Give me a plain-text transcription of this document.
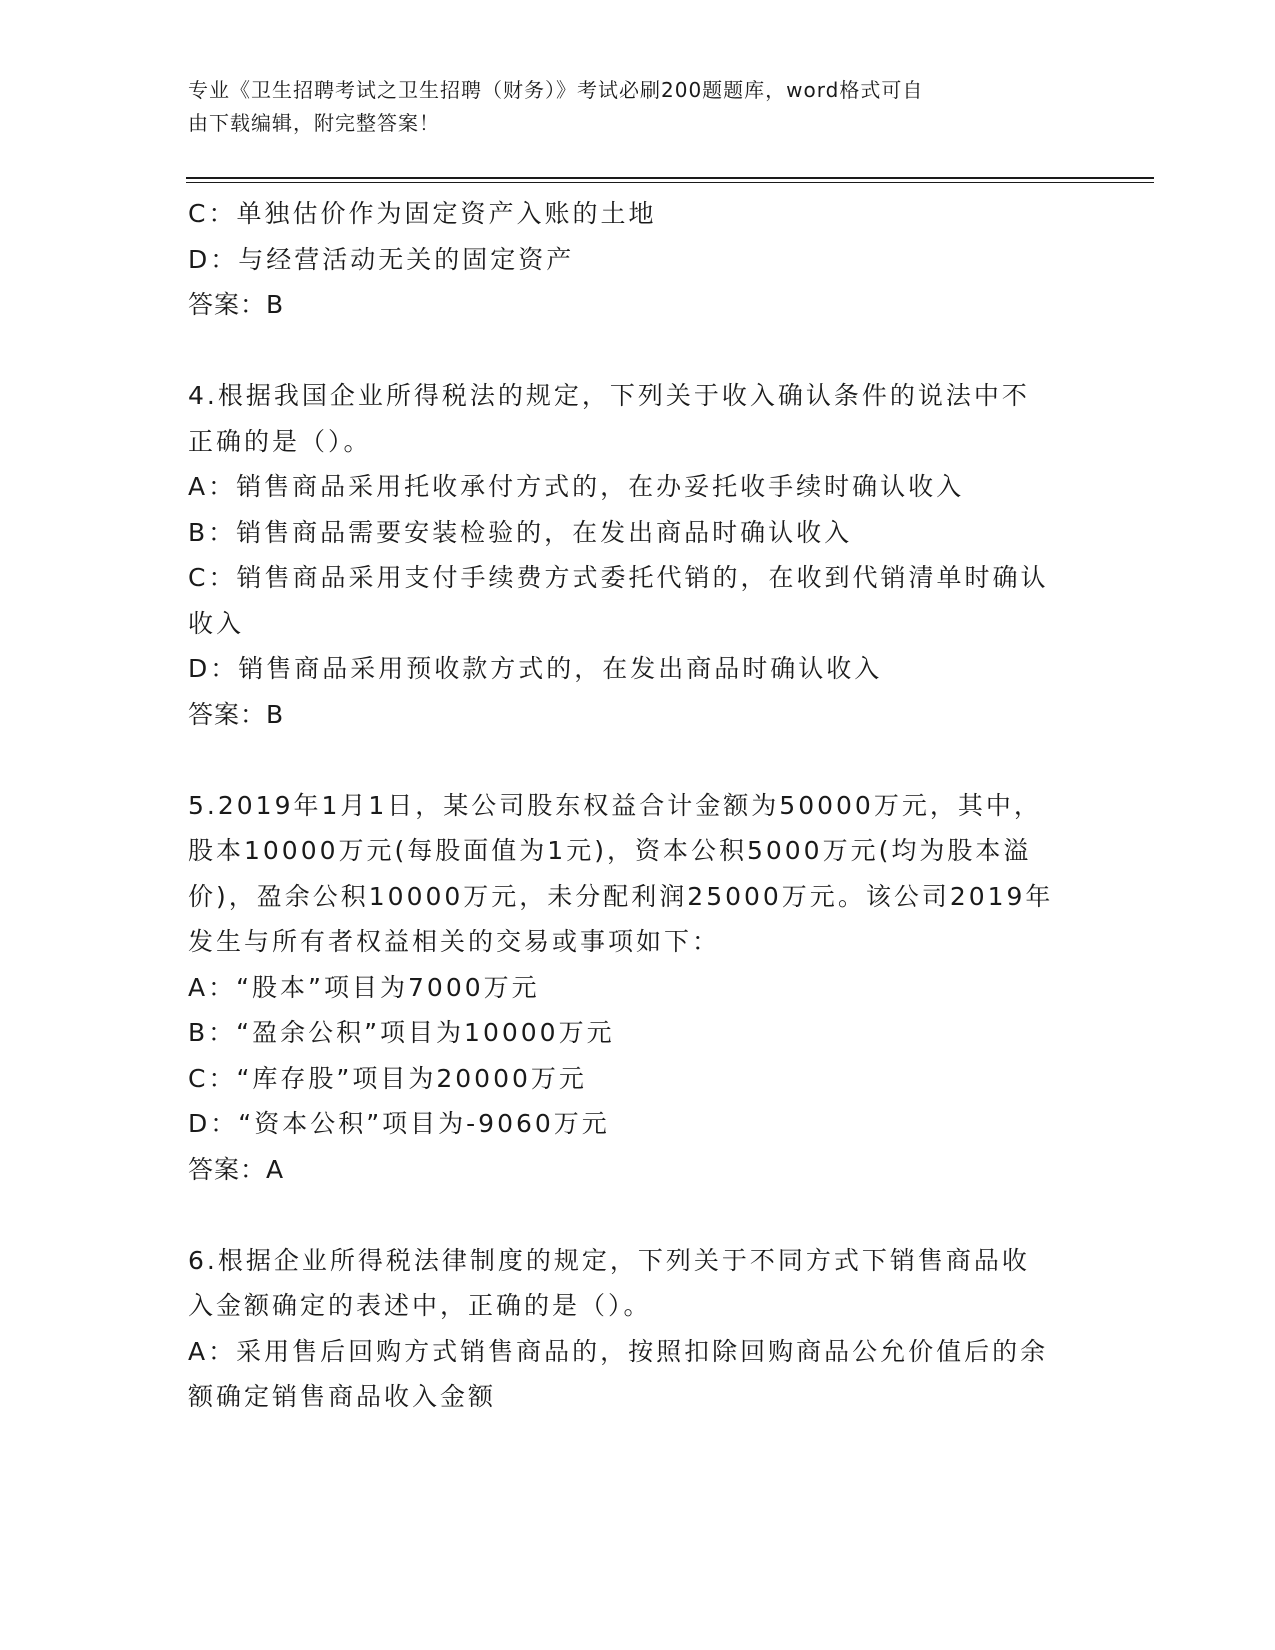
专业《卫生招聘考试之卫生招聘（财务）》考试必刷200题题库，word格式可自
由下载编辑，附完整答案！

C：单独估价作为固定资产入账的土地

D：与经营活动无关的固定资产

答案：B

4.根据我国企业所得税法的规定，下列关于收入确认条件的说法中不

正确的是（）。

A：销售商品采用托收承付方式的，在办妥托收手续时确认收入

B：销售商品需要安装检验的，在发出商品时确认收入

C：销售商品采用支付手续费方式委托代销的，在收到代销清单时确认

收入

D：销售商品采用预收款方式的，在发出商品时确认收入

答案：B

5.2019年1月1日，某公司股东权益合计金额为50000万元，其中，

股本10000万元(每股面值为1元)，资本公积5000万元(均为股本溢

价)，盈余公积10000万元，未分配利润25000万元。该公司2019年

发生与所有者权益相关的交易或事项如下：

A：“股本”项目为7000万元

B：“盈余公积”项目为10000万元

C：“库存股”项目为20000万元

D：“资本公积”项目为-9060万元

答案：A

6.根据企业所得税法律制度的规定，下列关于不同方式下销售商品收

入金额确定的表述中，正确的是（）。

A：采用售后回购方式销售商品的，按照扣除回购商品公允价值后的余

额确定销售商品收入金额
